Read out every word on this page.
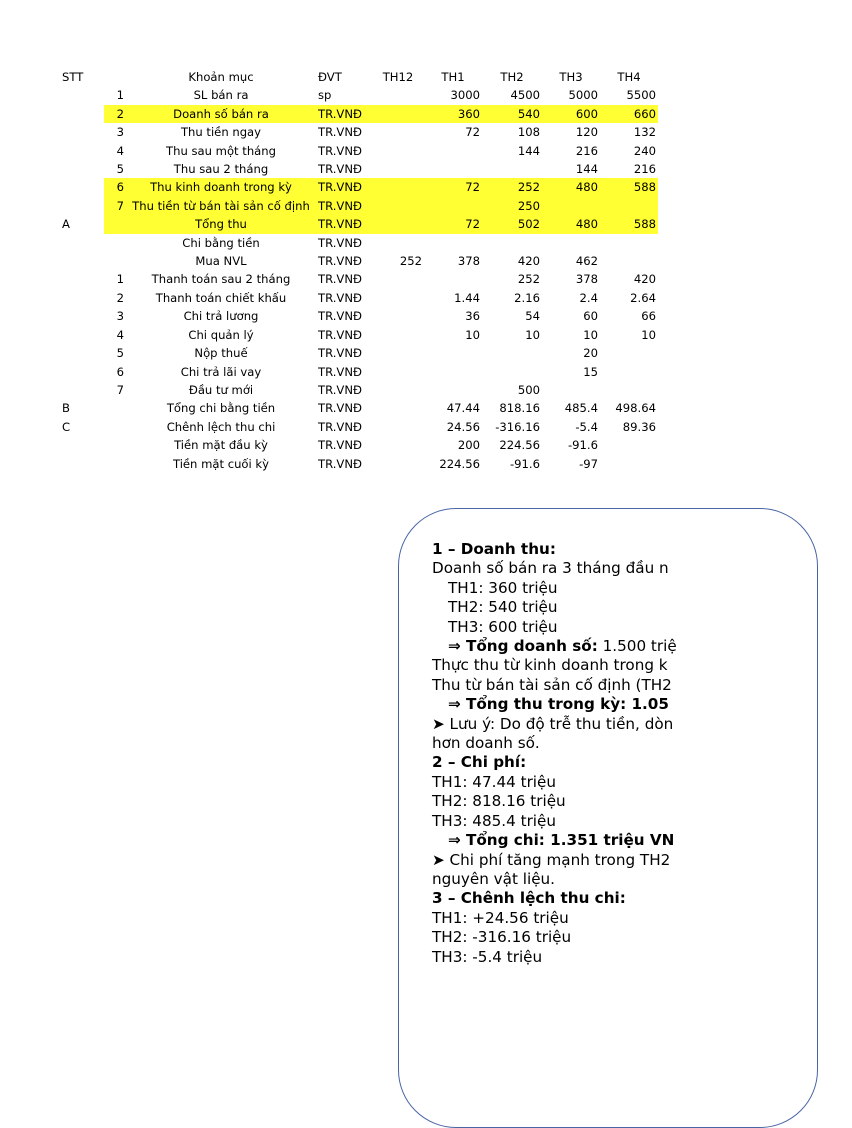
STT		Khoản mục	ĐVT	TH12	TH1	TH2	TH3	TH4
	1	SL bán ra	sp		3000	4500	5000	5500
	2	Doanh số bán ra	TR.VNĐ		360	540	600	660
	3	Thu tiền ngay	TR.VNĐ		72	108	120	132
	4	Thu sau một tháng	TR.VNĐ			144	216	240
	5	Thu sau 2 tháng	TR.VNĐ				144	216
	6	Thu kinh doanh trong kỳ	TR.VNĐ		72	252	480	588
	7	Thu tiền từ bán tài sản cố định	TR.VNĐ			250		
A		Tổng thu	TR.VNĐ		72	502	480	588
		Chi bằng tiền	TR.VNĐ					
		Mua NVL	TR.VNĐ	252	378	420	462	
	1	Thanh toán sau 2 tháng	TR.VNĐ			252	378	420
	2	Thanh toán chiết khấu	TR.VNĐ		1.44	2.16	2.4	2.64
	3	Chi trả lương	TR.VNĐ		36	54	60	66
	4	Chi quản lý	TR.VNĐ		10	10	10	10
	5	Nộp thuế	TR.VNĐ				20	
	6	Chi trả lãi vay	TR.VNĐ				15	
	7	Đầu tư mới	TR.VNĐ			500		
B		Tổng chi bằng tiền	TR.VNĐ		47.44	818.16	485.4	498.64
C		Chênh lệch thu chi	TR.VNĐ		24.56	-316.16	-5.4	89.36
		Tiền mặt đầu kỳ	TR.VNĐ		200	224.56	-91.6	
		Tiền mặt cuối kỳ	TR.VNĐ		224.56	-91.6	-97	
1 – Doanh thu:
Doanh số bán ra 3 tháng đầu n
TH1: 360 triệu
TH2: 540 triệu
TH3: 600 triệu
⇒ Tổng doanh số: 1.500 triệ
Thực thu từ kinh doanh trong k
Thu từ bán tài sản cố định (TH2
⇒ Tổng thu trong kỳ: 1.05
➤ Lưu ý: Do độ trễ thu tiền, dòn
hơn doanh số.
2 – Chi phí:
TH1: 47.44 triệu
TH2: 818.16 triệu
TH3: 485.4 triệu
⇒ Tổng chi: 1.351 triệu VN
➤ Chi phí tăng mạnh trong TH2
nguyên vật liệu.
3 – Chênh lệch thu chi:
TH1: +24.56 triệu
TH2: -316.16 triệu
TH3: -5.4 triệu
